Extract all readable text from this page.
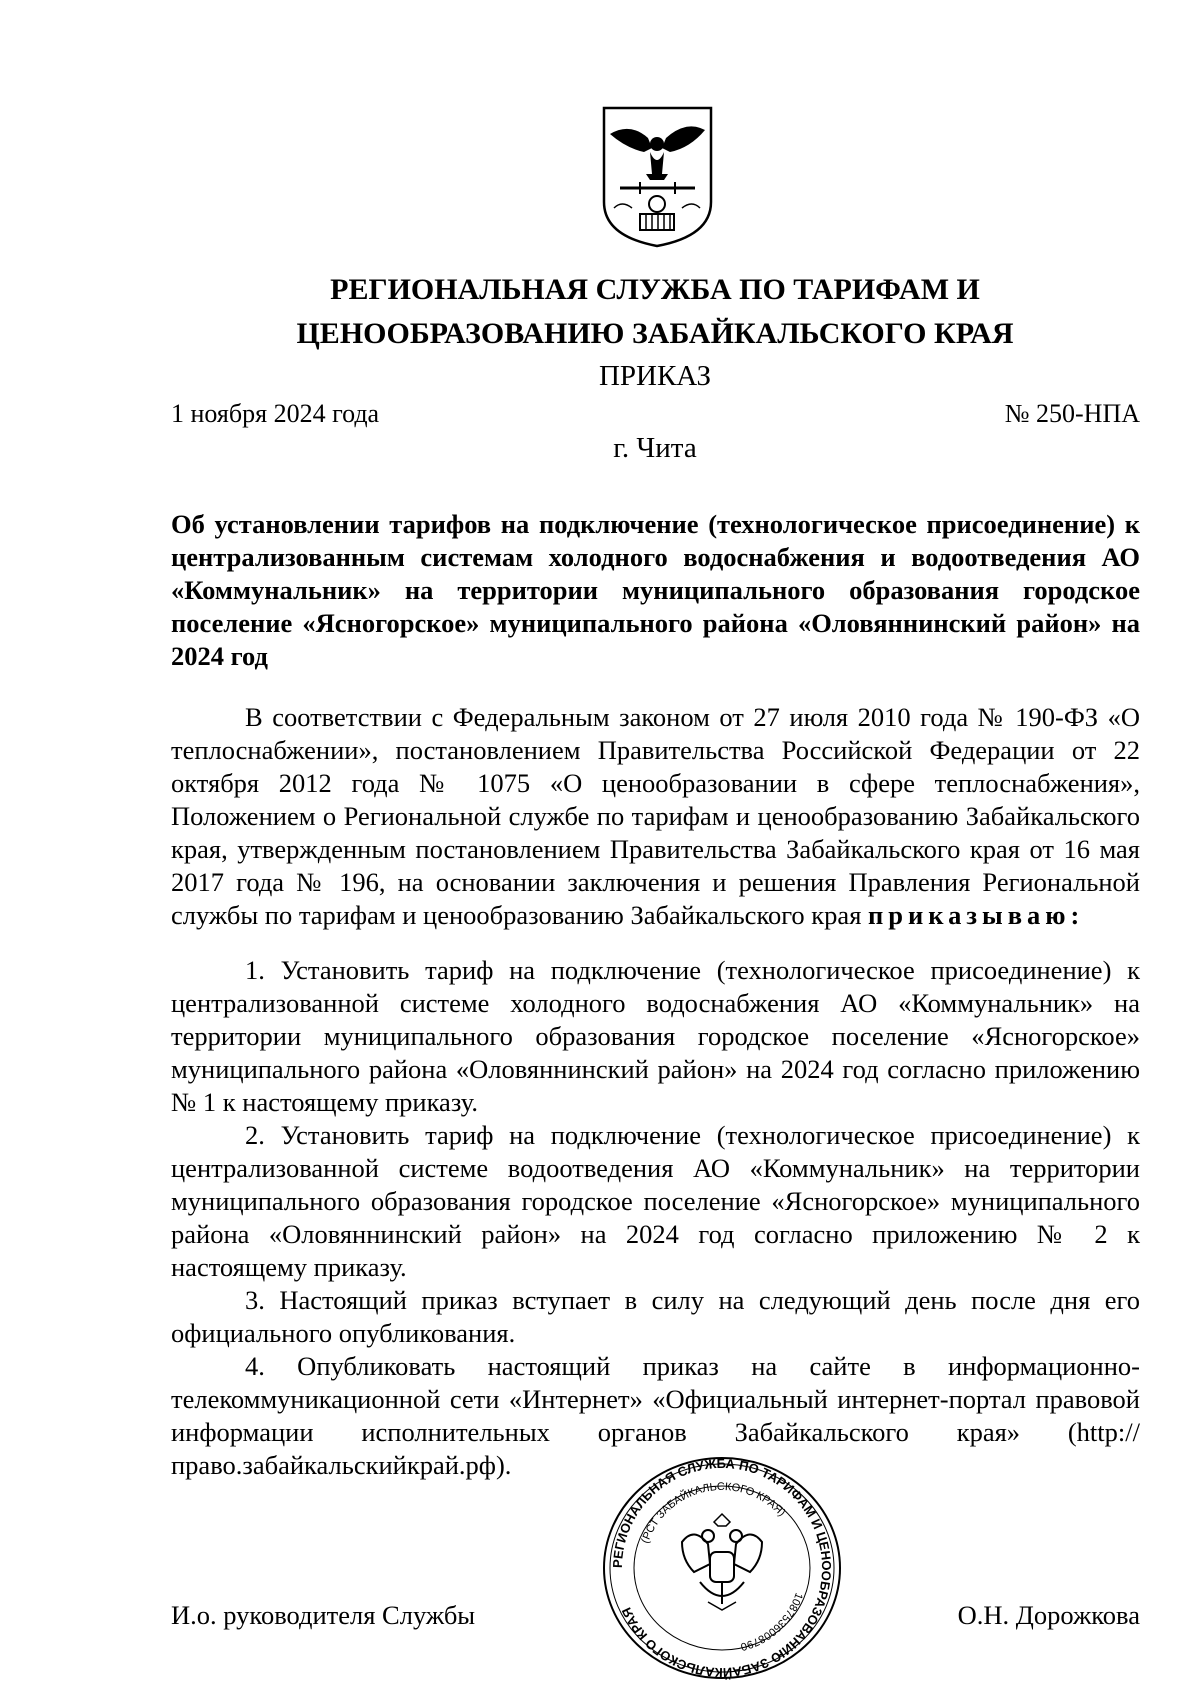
РЕГИОНАЛЬНАЯ СЛУЖБА ПО ТАРИФАМ И
ЦЕНООБРАЗОВАНИЮ ЗАБАЙКАЛЬСКОГО КРАЯ
ПРИКАЗ
1 ноября 2024 года	№ 250-НПА
г. Чита

Об установлении тарифов на подключение (технологическое присоединение) к централизованным системам холодного водоснабжения и водоотведения АО «Коммунальник» на территории муниципального образования городское поселение «Ясногорское» муниципального района «Оловяннинский район» на 2024 год

В соответствии с Федеральным законом от 27 июля 2010 года № 190-ФЗ «О теплоснабжении», постановлением Правительства Российской Федерации от 22 октября 2012 года № 1075 «О ценообразовании в сфере теплоснабжения», Положением о Региональной службе по тарифам и ценообразованию Забайкальского края, утвержденным постановлением Правительства Забайкальского края от 16 мая 2017 года № 196, на основании заключения и решения Правления Региональной службы по тарифам и ценообразованию Забайкальского края приказываю:

1. Установить тариф на подключение (технологическое присоединение) к централизованной системе холодного водоснабжения АО «Коммунальник» на территории муниципального образования городское поселение «Ясногорское» муниципального района «Оловяннинский район» на 2024 год согласно приложению № 1 к настоящему приказу.

2. Установить тариф на подключение (технологическое присоединение) к централизованной системе водоотведения АО «Коммунальник» на территории муниципального образования городское поселение «Ясногорское» муниципального района «Оловяннинский район» на 2024 год согласно приложению № 2 к настоящему приказу.

3. Настоящий приказ вступает в силу на следующий день после дня его официального опубликования.

4. Опубликовать настоящий приказ на сайте в информационно-телекоммуникационной сети «Интернет» «Официальный интернет-портал правовой информации исполнительных органов Забайкальского края» (http://право.забайкальскийкрай.рф).

РЕГИОНАЛЬНАЯ СЛУЖБА ПО ТАРИФАМ И ЦЕНООБРАЗОВАНИЮ ЗАБАЙКАЛЬСКОГО КРАЯ
(РСТ ЗАБАЙКАЛЬСКОГО КРАЯ)
1087536008790
И.о. руководителя Службы	О.Н. Дорожкова
